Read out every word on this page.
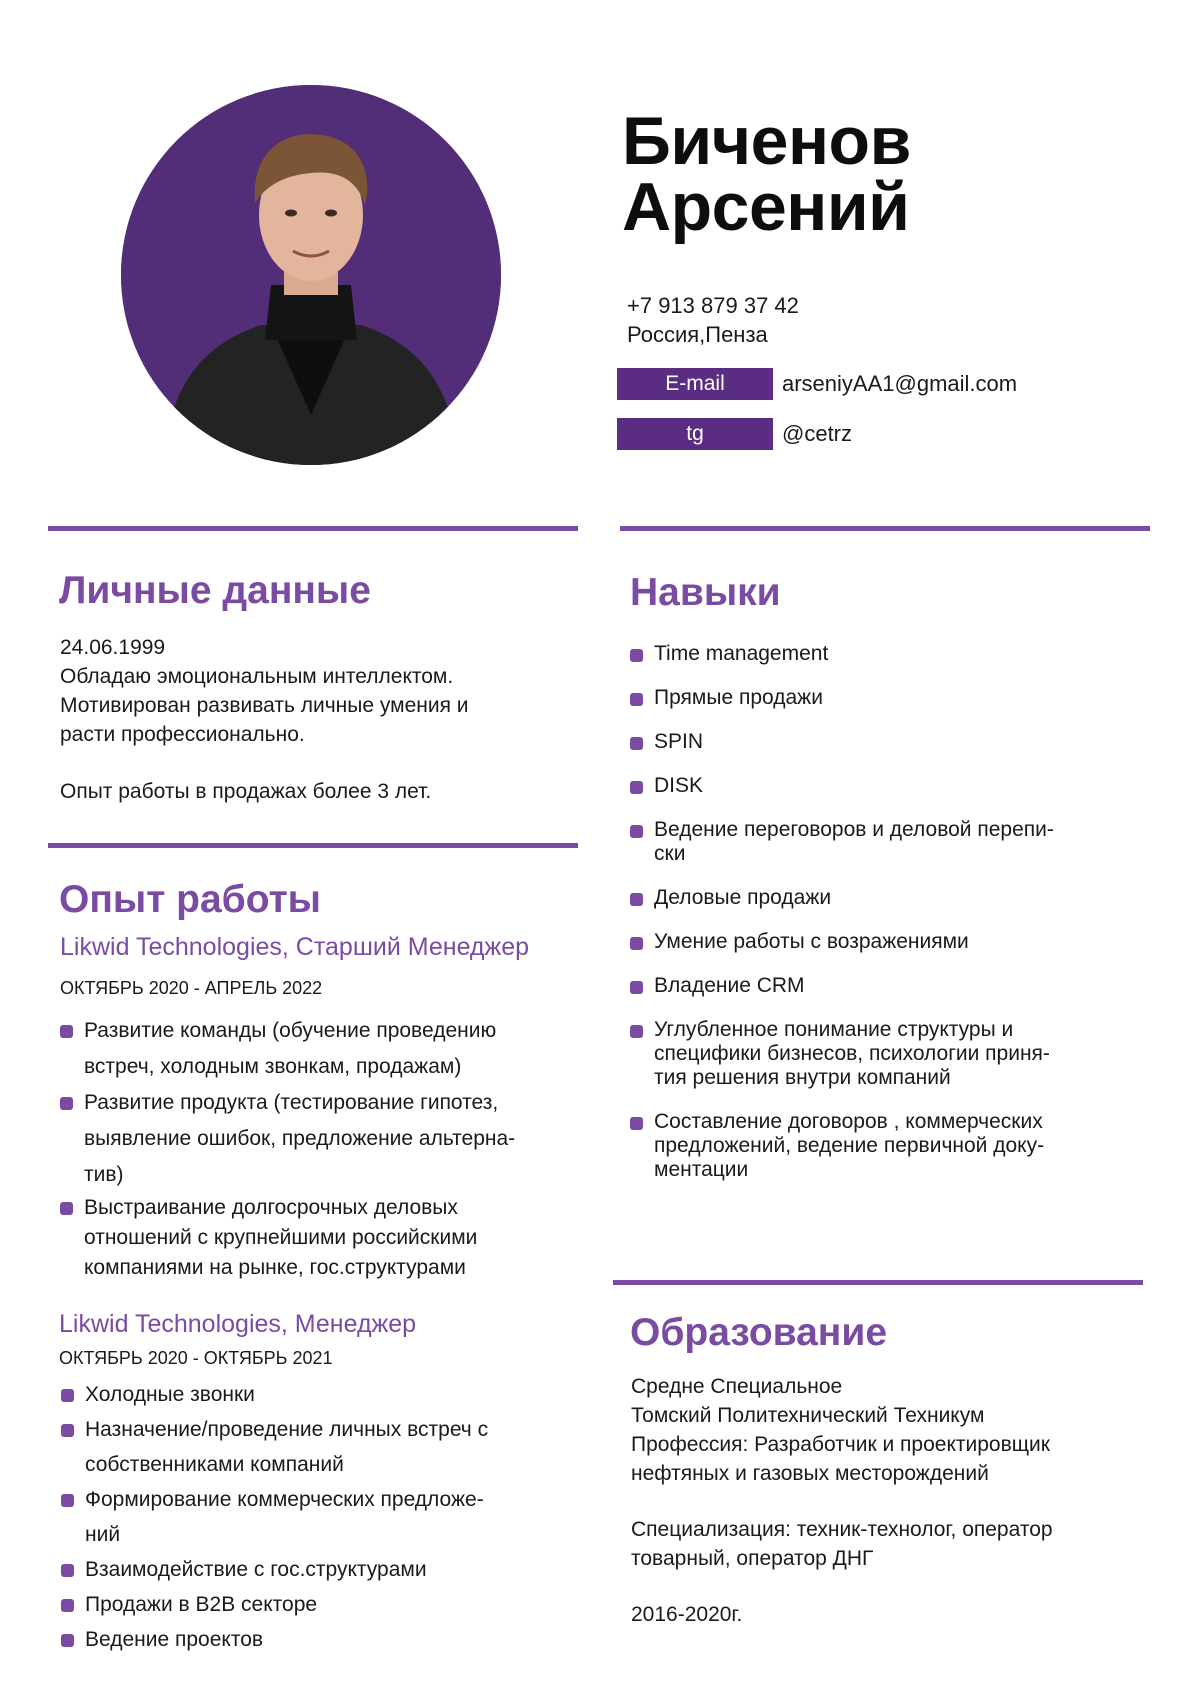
Биченов
Арсений
+7 913 879 37 42
Россия,Пенза
E-mail	arseniyAA1@gmail.com
tg	@cetrz
Личные данные
24.06.1999
Обладаю эмоциональным интеллектом.
Мотивирован развивать личные умения и
расти профессионально.
Опыт работы в продажах более 3 лет.
Опыт работы
Likwid Technologies, Старший Менеджер
ОКТЯБРЬ 2020 - АПРЕЛЬ 2022
Развитие команды (обучение проведению
встреч, холодным звонкам, продажам)
Развитие продукта (тестирование гипотез,
выявление ошибок, предложение альтерна-
тив)
Выстраивание долгосрочных деловых
отношений с крупнейшими российскими
компаниями на рынке, гос.структурами
Likwid Technologies, Менеджер
ОКТЯБРЬ 2020 - ОКТЯБРЬ 2021
Холодные звонки
Назначение/проведение личных встреч с
собственниками компаний
Формирование коммерческих предложе-
ний
Взаимодействие с гос.структурами
Продажи в B2B секторе
Ведение проектов
Навыки
Time management
Прямые продажи
SPIN
DISK
Ведение переговоров и деловой перепи-
ски
Деловые продажи
Умение работы с возражениями
Владение CRM
Углубленное понимание структуры и
специфики бизнесов, психологии приня-
тия решения внутри компаний
Составление договоров , коммерческих
предложений, ведение первичной доку-
ментации
Образование
Средне Специальное
Томский Политехнический Техникум
Профессия: Разработчик и проектировщик
нефтяных и газовых месторождений
Специализация: техник-технолог, оператор
товарный, оператор ДНГ
2016-2020г.
